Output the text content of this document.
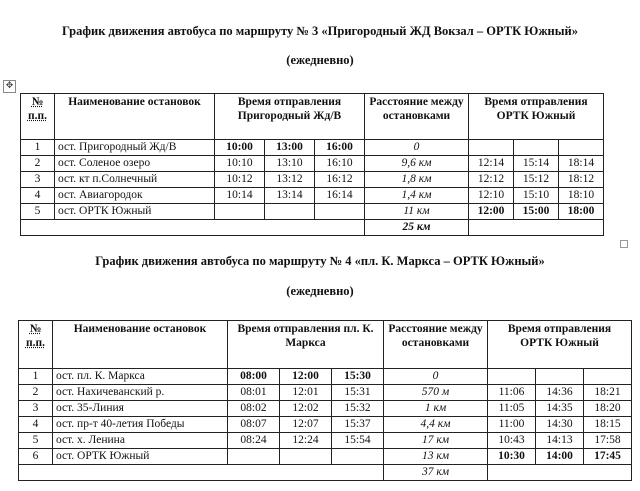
График движения автобуса по маршруту № 3 «Пригородный ЖД Вокзал – ОРТК Южный»
(ежедневно)
✥
№ п.п.	Наименование остановок	Время отправления Пригородный Жд/В			Расстояние между остановками	Время отправления ОРТК Южный		
1	ост. Пригородный Жд/В	10:00	13:00	16:00	0			
2	ост. Соленое озеро	10:10	13:10	16:10	9,6 км	12:14	15:14	18:14
3	ост. кт п.Солнечный	10:12	13:12	16:12	1,8 км	12:12	15:12	18:12
4	ост. Авиагородок	10:14	13:14	16:14	1,4 км	12:10	15:10	18:10
5	ост. ОРТК Южный				11 км	12:00	15:00	18:00
					25 км			
График движения автобуса по маршруту № 4 «пл. К. Маркса – ОРТК Южный»
(ежедневно)
№ п.п.	Наименование остановок	Время отправления пл. К. Маркса			Расстояние между остановками	Время отправления ОРТК Южный		
1	ост. пл. К. Маркса	08:00	12:00	15:30	0			
2	ост. Нахичеванский р.	08:01	12:01	15:31	570 м	11:06	14:36	18:21
3	ост. 35-Линия	08:02	12:02	15:32	1 км	11:05	14:35	18:20
4	ост. пр-т 40-летия Победы	08:07	12:07	15:37	4,4 км	11:00	14:30	18:15
5	ост. х. Ленина	08:24	12:24	15:54	17 км	10:43	14:13	17:58
6	ост. ОРТК Южный				13 км	10:30	14:00	17:45
					37 км			
